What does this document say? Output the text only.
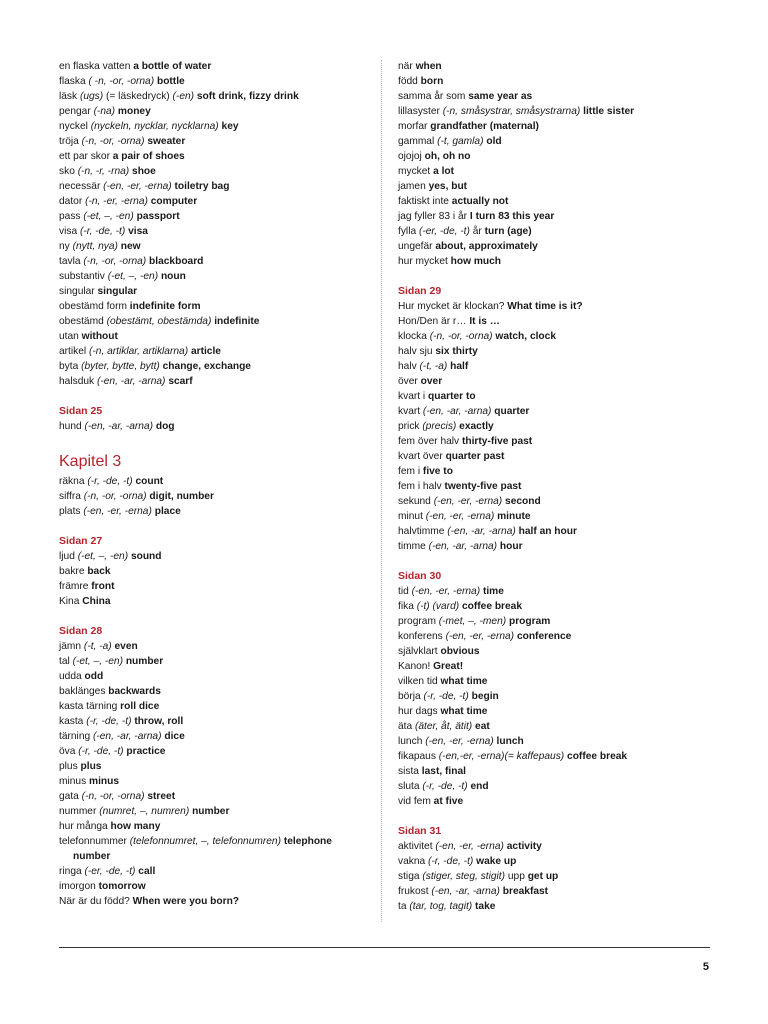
en flaska vatten a bottle of water
flaska ( -n, -or, -orna) bottle
läsk (ugs) (= läskedryck) (-en) soft drink, fizzy drink
pengar (-na) money
nyckel (nyckeln, nycklar, nycklarna) key
tröja (-n, -or, -orna) sweater
ett par skor a pair of shoes
sko (-n, -r, -rna) shoe
necessär (-en, -er, -erna) toiletry bag
dator (-n, -er, -erna) computer
pass (-et, –, -en) passport
visa (-r, -de, -t) visa
ny (nytt, nya) new
tavla (-n, -or, -orna) blackboard
substantiv (-et, –, -en) noun
singular singular
obestämd form indefinite form
obestämd (obestämt, obestämda) indefinite
utan without
artikel (-n, artiklar, artiklarna) article
byta (byter, bytte, bytt) change, exchange
halsduk (-en, -ar, -arna) scarf
Sidan 25
hund (-en, -ar, -arna) dog
Kapitel 3
räkna (-r, -de, -t) count
siffra (-n, -or, -orna) digit, number
plats (-en, -er, -erna) place
Sidan 27
ljud (-et, –, -en) sound
bakre back
främre front
Kina China
Sidan 28
jämn (-t, -a) even
tal (-et, –, -en) number
udda odd
baklänges backwards
kasta tärning roll dice
kasta (-r, -de, -t) throw, roll
tärning (-en, -ar, -arna) dice
öva (-r, -de, -t) practice
plus plus
minus minus
gata (-n, -or, -orna) street
nummer (numret, –, numren) number
hur många how many
telefonnummer (telefonnumret, –, telefonnumren) telephone number
ringa (-er, -de, -t) call
imorgon tomorrow
När är du född? When were you born?
när when
född born
samma år som same year as
lillasyster (-n, småsystrar, småsystrarna) little sister
morfar grandfather (maternal)
gammal (-t, gamla) old
ojojoj oh, oh no
mycket a lot
jamen yes, but
faktiskt inte actually not
jag fyller 83 i år I turn 83 this year
fylla (-er, -de, -t) år turn (age)
ungefär about, approximately
hur mycket how much
Sidan 29
Hur mycket är klockan? What time is it?
Hon/Den är r… It is …
klocka (-n, -or, -orna) watch, clock
halv sju six thirty
halv (-t, -a) half
över over
kvart i quarter to
kvart (-en, -ar, -arna) quarter
prick (precis) exactly
fem över halv thirty-five past
kvart över quarter past
fem i five to
fem i halv twenty-five past
sekund (-en, -er, -erna) second
minut (-en, -er, -erna) minute
halvtimme (-en, -ar, -arna) half an hour
timme (-en, -ar, -arna) hour
Sidan 30
tid (-en, -er, -erna) time
fika (-t) (vard) coffee break
program (-met, –, -men) program
konferens (-en, -er, -erna) conference
självklart obvious
Kanon! Great!
vilken tid what time
börja (-r, -de, -t) begin
hur dags what time
äta (äter, åt, ätit) eat
lunch (-en, -er, -erna) lunch
fikapaus (-en,-er, -erna)(= kaffepaus) coffee break
sista last, final
sluta (-r, -de, -t) end
vid fem at five
Sidan 31
aktivitet (-en, -er, -erna) activity
vakna (-r, -de, -t) wake up
stiga (stiger, steg, stigit) upp get up
frukost (-en, -ar, -arna) breakfast
ta (tar, tog, tagit) take
5
